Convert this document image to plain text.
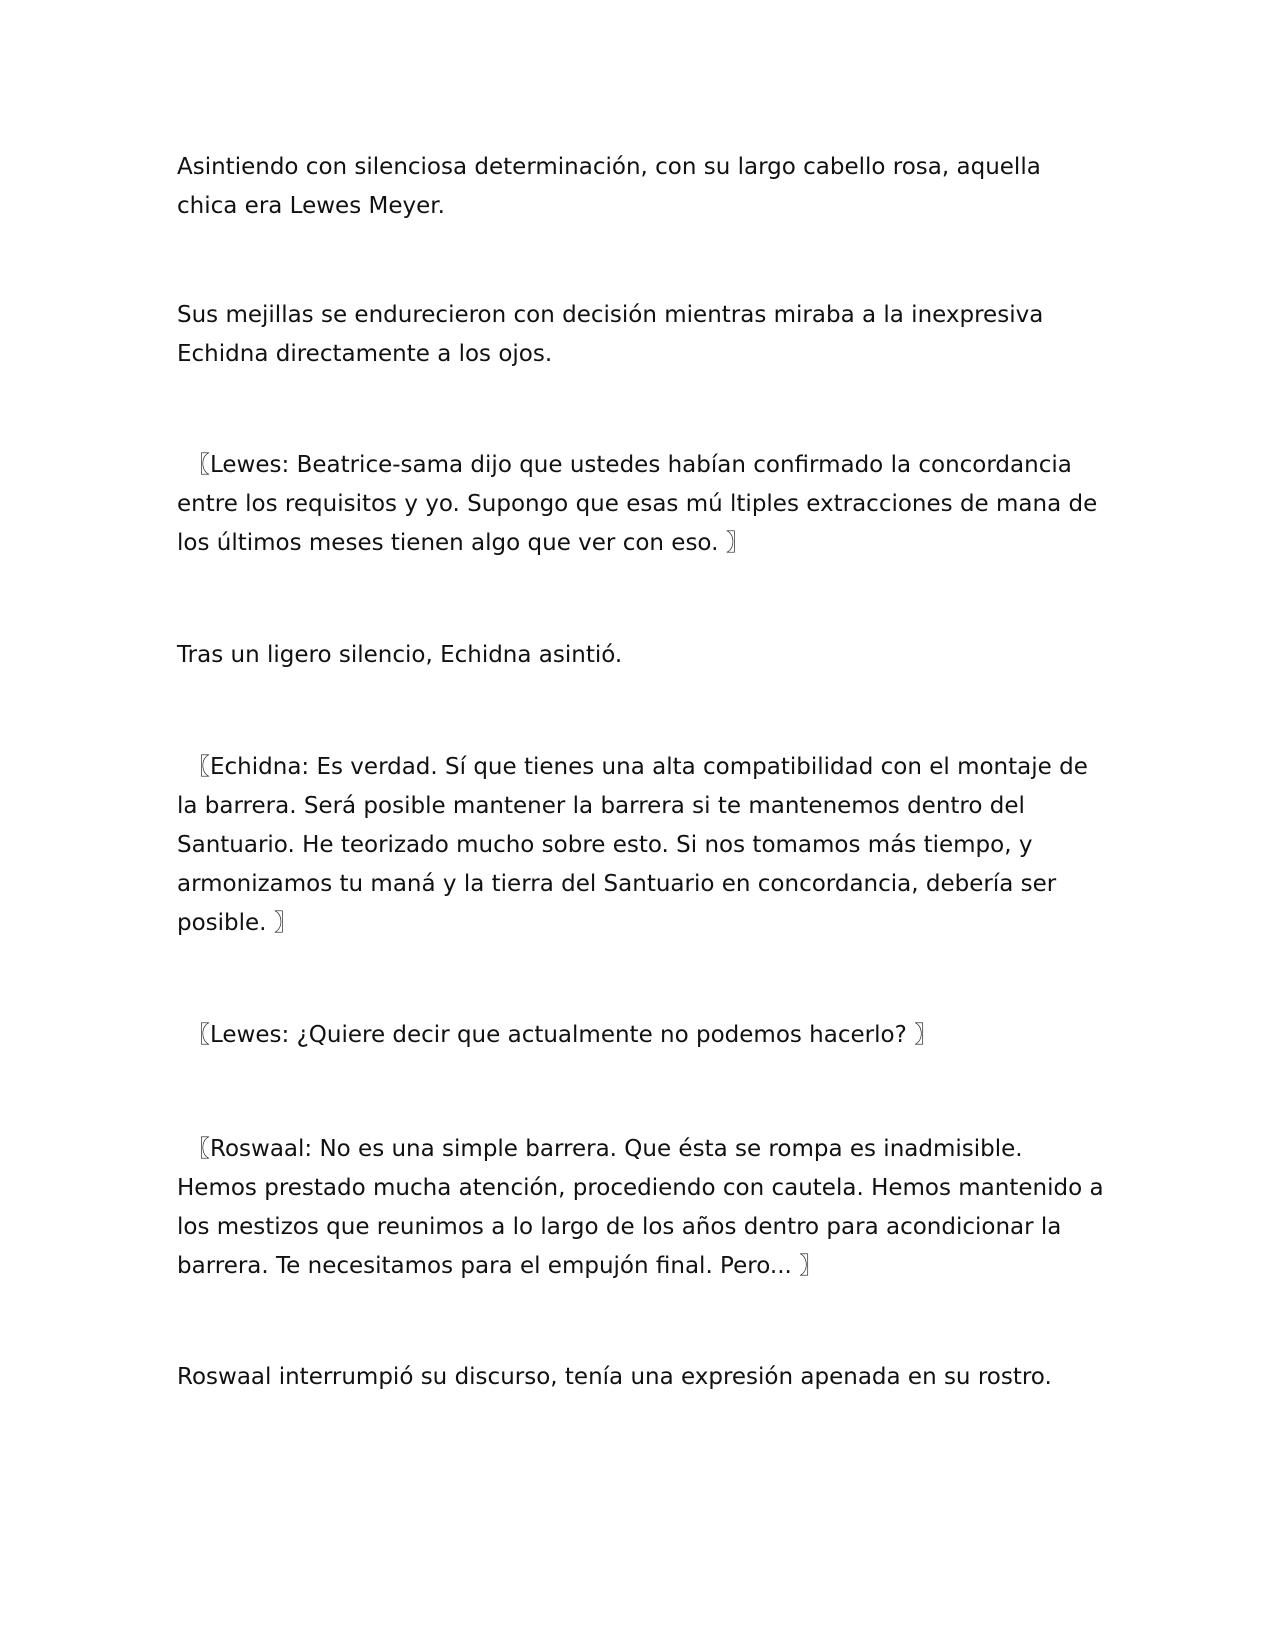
Asintiendo con silenciosa determinación, con su largo cabello rosa, aquella chica era Lewes Meyer.

Sus mejillas se endurecieron con decisión mientras miraba a la inexpresiva Echidna directamente a los ojos.

〖Lewes: Beatrice-sama dijo que ustedes habían confirmado la concordancia entre los requisitos y yo. Supongo que esas mú ltiples extracciones de mana de los últimos meses tienen algo que ver con eso. 〗

Tras un ligero silencio, Echidna asintió.

〖Echidna: Es verdad. Sí que tienes una alta compatibilidad con el montaje de la barrera. Será posible mantener la barrera si te mantenemos dentro del Santuario. He teorizado mucho sobre esto. Si nos tomamos más tiempo, y armonizamos tu maná y la tierra del Santuario en concordancia, debería ser posible. 〗

〖Lewes: ¿Quiere decir que actualmente no podemos hacerlo? 〗

〖Roswaal: No es una simple barrera. Que ésta se rompa es inadmisible. Hemos prestado mucha atención, procediendo con cautela. Hemos mantenido a los mestizos que reunimos a lo largo de los años dentro para acondicionar la barrera. Te necesitamos para el empujón final. Pero... 〗

Roswaal interrumpió su discurso, tenía una expresión apenada en su rostro.
